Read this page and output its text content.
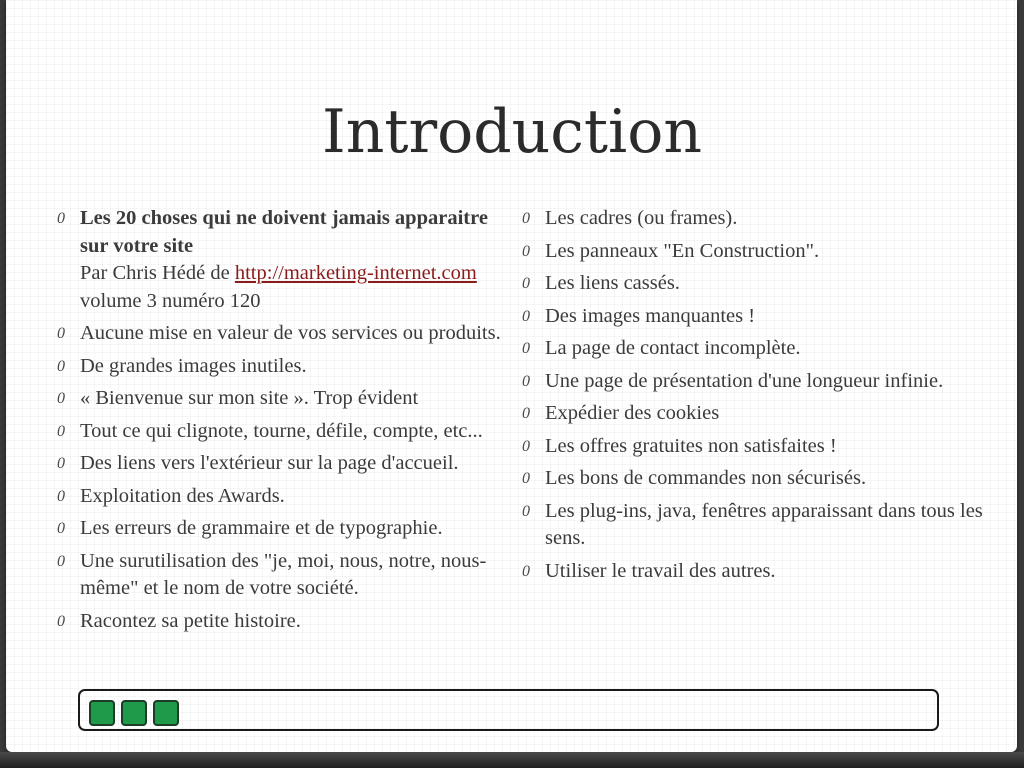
Introduction
0 Les 20 choses qui ne doivent jamais apparaitre sur votre site
Par Chris Hédé de http://marketing-internet.com volume 3 numéro 120
0 Aucune mise en valeur de vos services ou produits.
0 De grandes images inutiles.
0 « Bienvenue sur mon site ». Trop évident
0 Tout ce qui clignote, tourne, défile, compte, etc...
0 Des liens vers l'extérieur sur la page d'accueil.
0 Exploitation des Awards.
0 Les erreurs de grammaire et de typographie.
0 Une surutilisation des "je, moi, nous, notre, nous-même" et le nom de votre société.
0 Racontez sa petite histoire.
0 Les cadres (ou frames).
0 Les panneaux "En Construction".
0 Les liens cassés.
0 Des images manquantes !
0 La page de contact incomplète.
0 Une page de présentation d'une longueur infinie.
0 Expédier des cookies
0 Les offres gratuites non satisfaites !
0 Les bons de commandes non sécurisés.
0 Les plug-ins, java, fenêtres apparaissant dans tous les sens.
0 Utiliser le travail des autres.
